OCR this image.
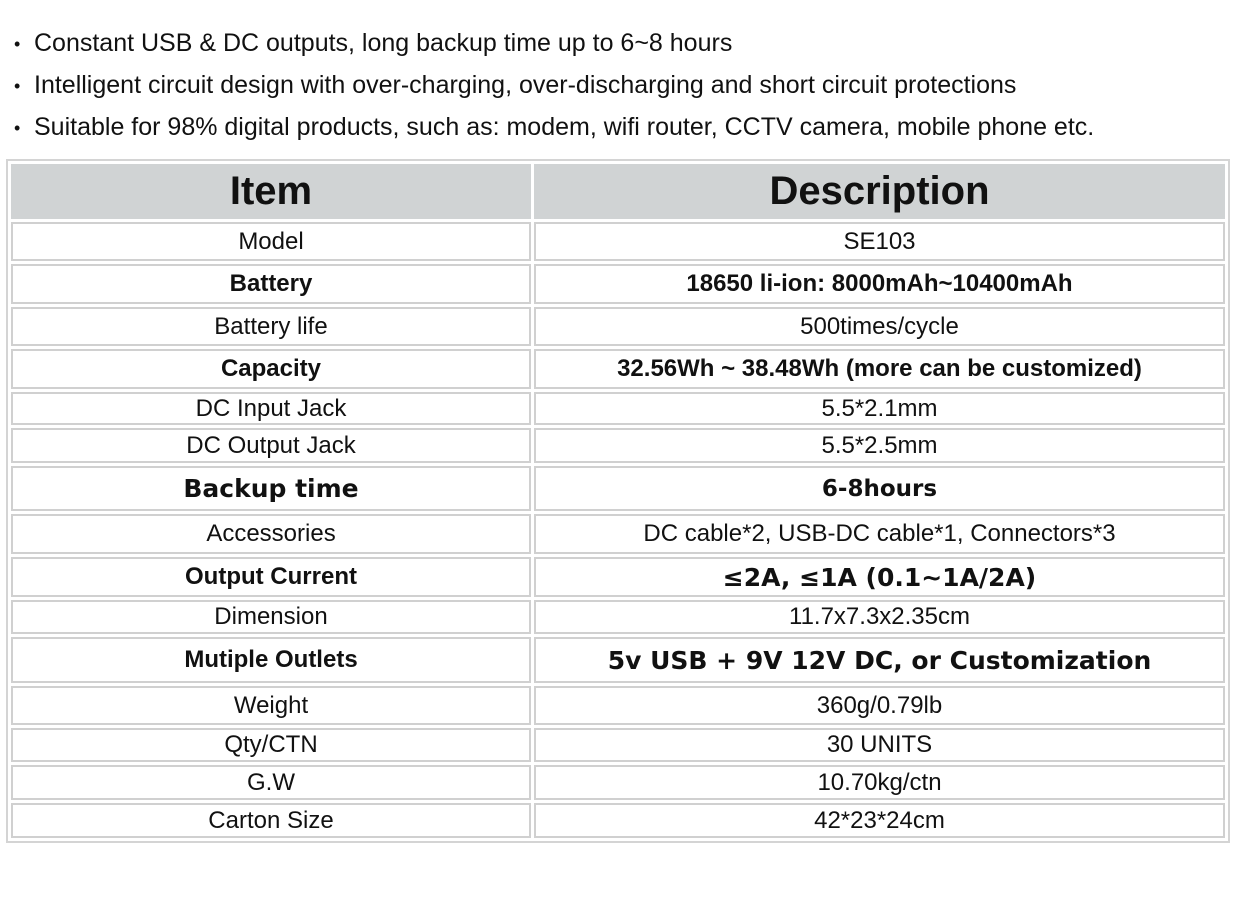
• Constant USB & DC outputs, long backup time up to 6~8 hours
• Intelligent circuit design with over-charging, over-discharging and short circuit protections
• Suitable for 98% digital products, such as: modem, wifi router, CCTV camera, mobile phone etc.
Item	Description
Model	SE103
Battery	18650 li-ion: 8000mAh~10400mAh
Battery life	500times/cycle
Capacity	32.56Wh ~ 38.48Wh (more can be customized)
DC Input Jack	5.5*2.1mm
DC Output Jack	5.5*2.5mm
Backup time	6-8hours
Accessories	DC cable*2, USB-DC cable*1, Connectors*3
Output Current	≤2A, ≤1A (0.1~1A/2A)
Dimension	11.7x7.3x2.35cm
Mutiple Outlets	5v USB + 9V 12V DC, or Customization
Weight	360g/0.79lb
Qty/CTN	30 UNITS
G.W	10.70kg/ctn
Carton Size	42*23*24cm
